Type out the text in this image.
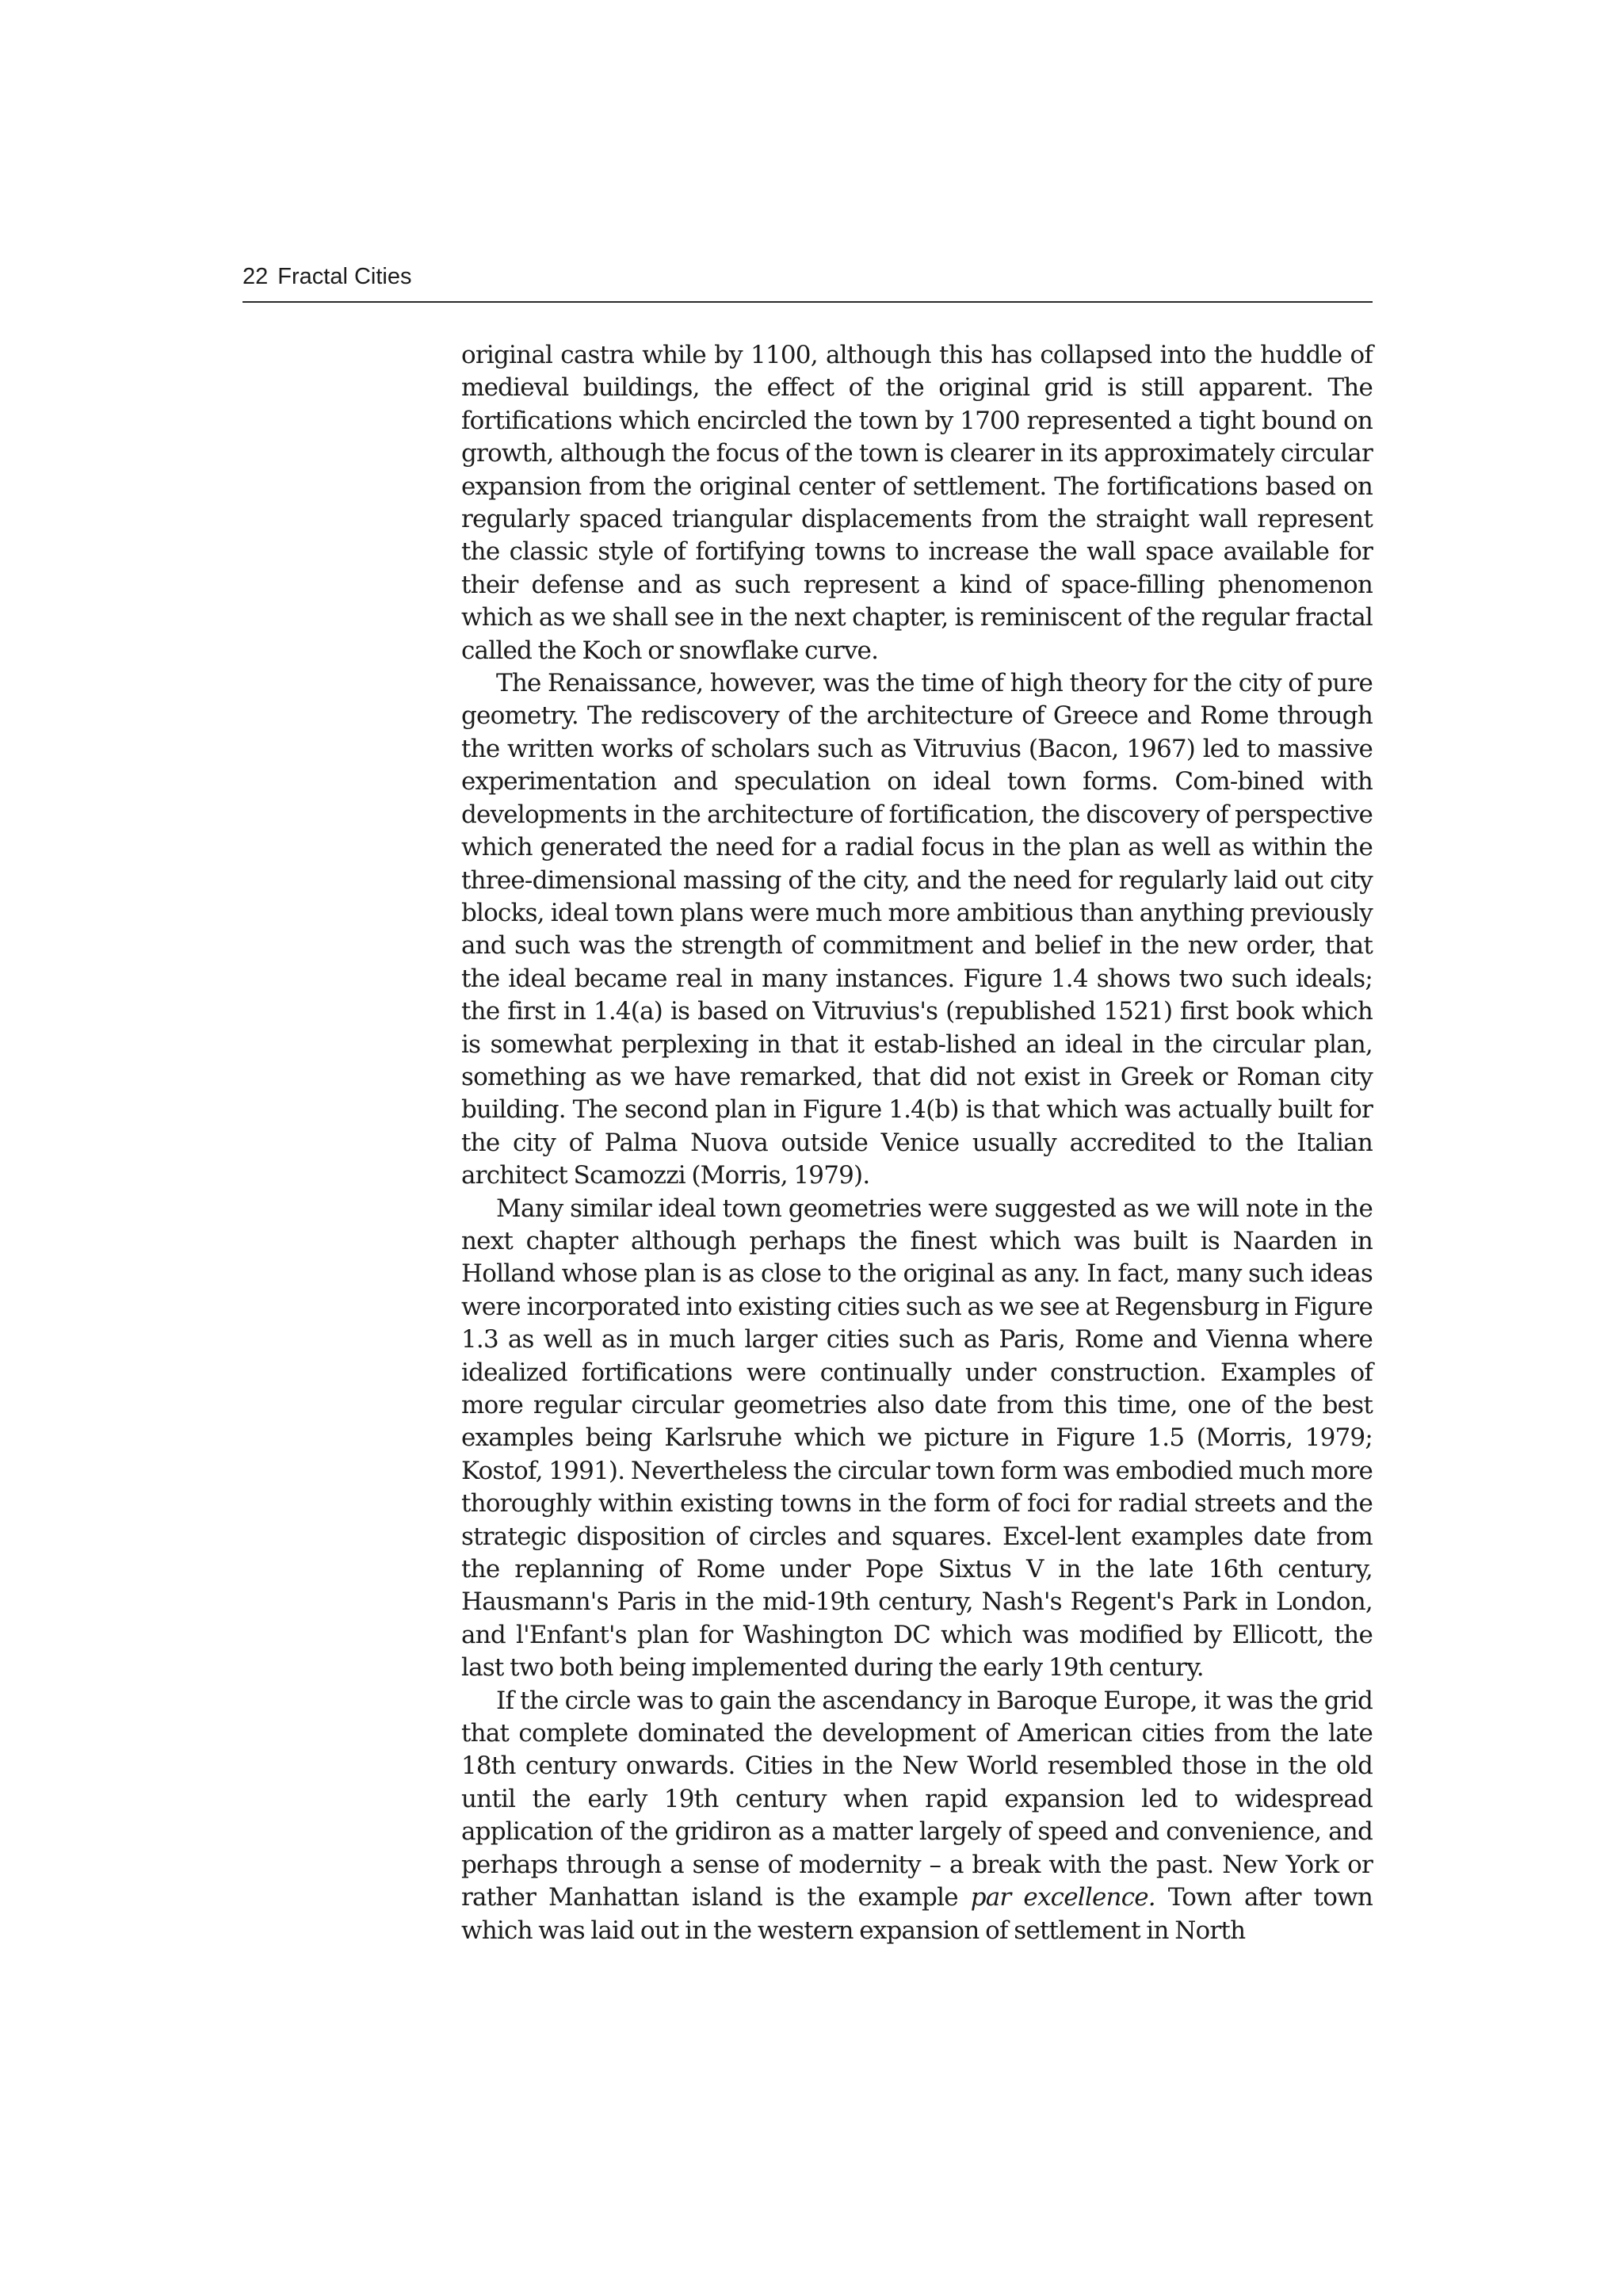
22 Fractal Cities

original castra while by 1100, although this has collapsed into the huddle of medieval buildings, the effect of the original grid is still apparent. The fortifications which encircled the town by 1700 represented a tight bound on growth, although the focus of the town is clearer in its approximately circular expansion from the original center of settlement. The fortifications based on regularly spaced triangular displacements from the straight wall represent the classic style of fortifying towns to increase the wall space available for their defense and as such represent a kind of space-filling phenomenon which as we shall see in the next chapter, is reminiscent of the regular fractal called the Koch or snowflake curve.

The Renaissance, however, was the time of high theory for the city of pure geometry. The rediscovery of the architecture of Greece and Rome through the written works of scholars such as Vitruvius (Bacon, 1967) led to massive experimentation and speculation on ideal town forms. Com-bined with developments in the architecture of fortification, the discovery of perspective which generated the need for a radial focus in the plan as well as within the three-dimensional massing of the city, and the need for regularly laid out city blocks, ideal town plans were much more ambitious than anything previously and such was the strength of commitment and belief in the new order, that the ideal became real in many instances. Figure 1.4 shows two such ideals; the first in 1.4(a) is based on Vitruvius's (republished 1521) first book which is somewhat perplexing in that it estab-lished an ideal in the circular plan, something as we have remarked, that did not exist in Greek or Roman city building. The second plan in Figure 1.4(b) is that which was actually built for the city of Palma Nuova outside Venice usually accredited to the Italian architect Scamozzi (Morris, 1979).

Many similar ideal town geometries were suggested as we will note in the next chapter although perhaps the finest which was built is Naarden in Holland whose plan is as close to the original as any. In fact, many such ideas were incorporated into existing cities such as we see at Regensburg in Figure 1.3 as well as in much larger cities such as Paris, Rome and Vienna where idealized fortifications were continually under construction. Examples of more regular circular geometries also date from this time, one of the best examples being Karlsruhe which we picture in Figure 1.5 (Morris, 1979; Kostof, 1991). Nevertheless the circular town form was embodied much more thoroughly within existing towns in the form of foci for radial streets and the strategic disposition of circles and squares. Excel-lent examples date from the replanning of Rome under Pope Sixtus V in the late 16th century, Hausmann's Paris in the mid-19th century, Nash's Regent's Park in London, and l'Enfant's plan for Washington DC which was modified by Ellicott, the last two both being implemented during the early 19th century.

If the circle was to gain the ascendancy in Baroque Europe, it was the grid that complete dominated the development of American cities from the late 18th century onwards. Cities in the New World resembled those in the old until the early 19th century when rapid expansion led to widespread application of the gridiron as a matter largely of speed and convenience, and perhaps through a sense of modernity – a break with the past. New York or rather Manhattan island is the example par excellence. Town after town which was laid out in the western expansion of settlement in North
